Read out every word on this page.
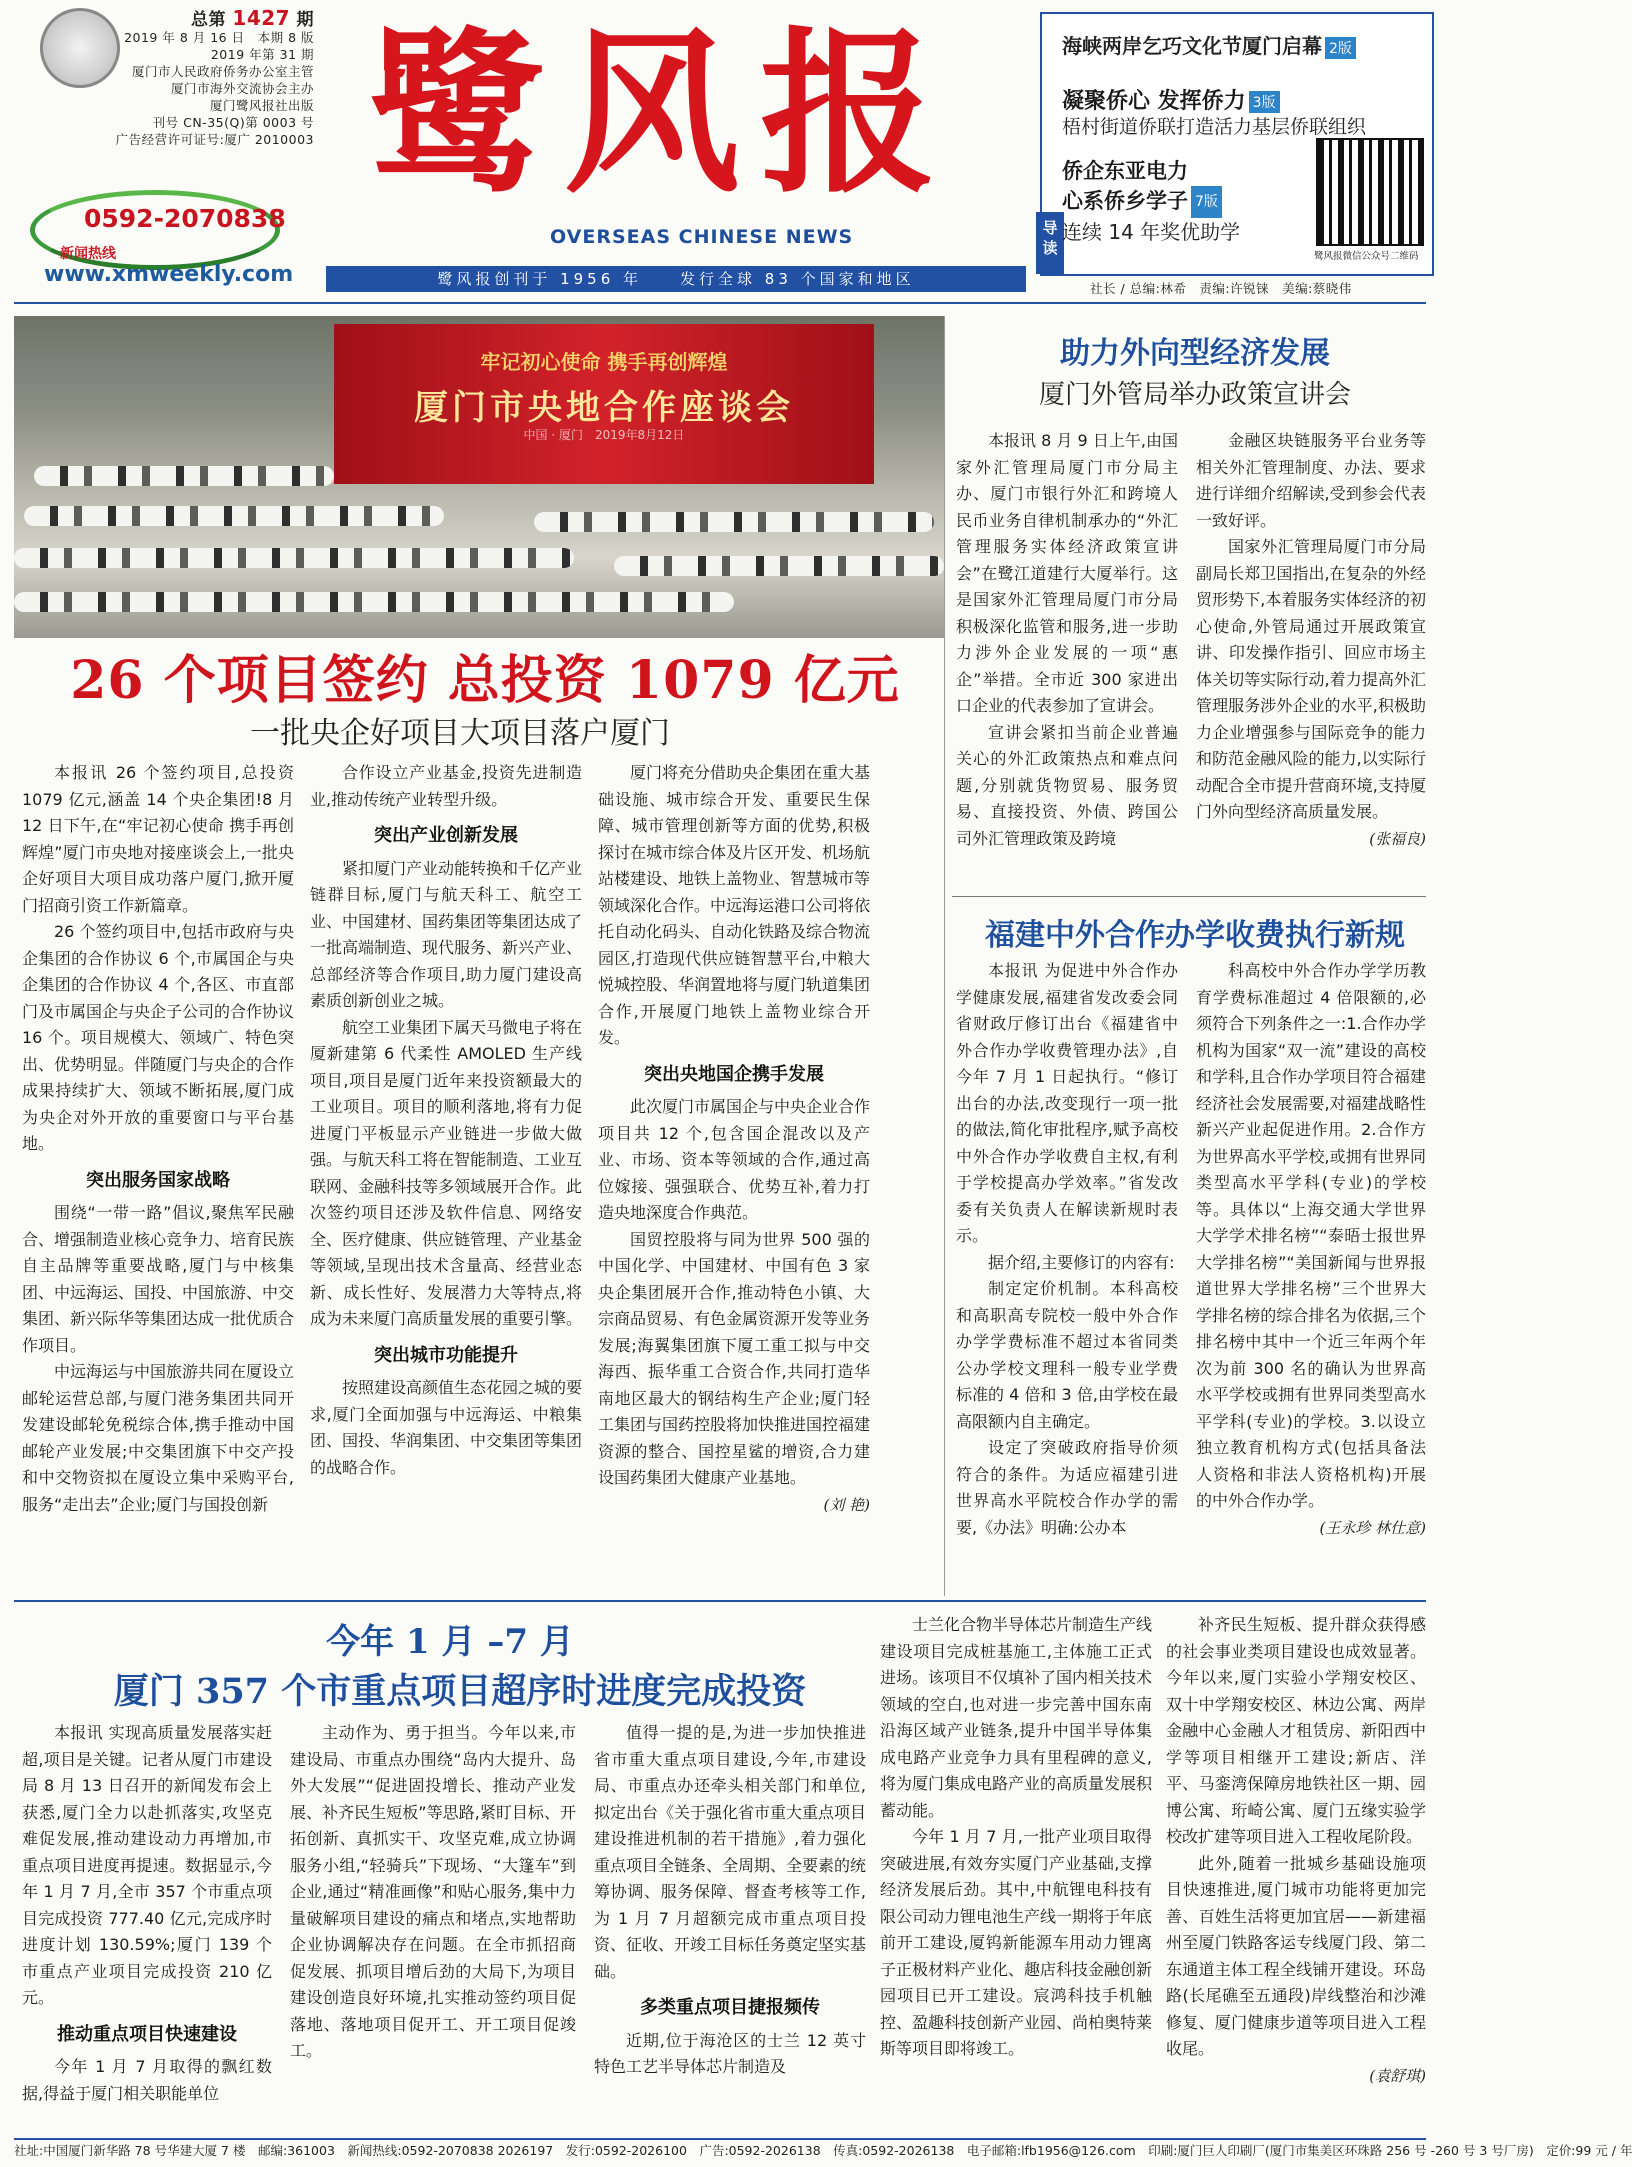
总第 1427 期
2019 年 8 月 16 日　本期 8 版
2019 年第 31 期
厦门市人民政府侨务办公室主管
厦门市海外交流协会主办
厦门鹭风报社出版
刊号 CN-35(Q)第 0003 号
广告经营许可证号:厦广 2010003
0592-2070838
新闻热线
www.xmweekly.com
鹭风报
OVERSEAS CHINESE NEWS
鹭风报创刊于 1956 年　　发行全球 83 个国家和地区
导读
海峡两岸乞巧文化节厦门启幕 2版
凝聚侨心 发挥侨力 3版
梧村街道侨联打造活力基层侨联组织
侨企东亚电力
心系侨乡学子 7版
连续 14 年奖优助学
鹭风报微信公众号二维码
社长 / 总编:林希　责编:许锐铼　美编:蔡晓伟
牢记初心使命 携手再创辉煌
厦门市央地合作座谈会
中国 · 厦门　2019年8月12日
26 个项目签约 总投资 1079 亿元
一批央企好项目大项目落户厦门

本报讯 26 个签约项目,总投资 1079 亿元,涵盖 14 个央企集团!8 月 12 日下午,在“牢记初心使命 携手再创辉煌”厦门市央地对接座谈会上,一批央企好项目大项目成功落户厦门,掀开厦门招商引资工作新篇章。

26 个签约项目中,包括市政府与央企集团的合作协议 6 个,市属国企与央企集团的合作协议 4 个,各区、市直部门及市属国企与央企子公司的合作协议 16 个。项目规模大、领域广、特色突出、优势明显。伴随厦门与央企的合作成果持续扩大、领域不断拓展,厦门成为央企对外开放的重要窗口与平台基地。

突出服务国家战略

围绕“一带一路”倡议,聚焦军民融合、增强制造业核心竞争力、培育民族自主品牌等重要战略,厦门与中核集团、中远海运、国投、中国旅游、中交集团、新兴际华等集团达成一批优质合作项目。

中远海运与中国旅游共同在厦设立邮轮运营总部,与厦门港务集团共同开发建设邮轮免税综合体,携手推动中国邮轮产业发展;中交集团旗下中交产投和中交物资拟在厦设立集中采购平台,服务“走出去”企业;厦门与国投创新

合作设立产业基金,投资先进制造业,推动传统产业转型升级。

突出产业创新发展

紧扣厦门产业动能转换和千亿产业链群目标,厦门与航天科工、航空工业、中国建材、国药集团等集团达成了一批高端制造、现代服务、新兴产业、总部经济等合作项目,助力厦门建设高素质创新创业之城。

航空工业集团下属天马微电子将在厦新建第 6 代柔性 AMOLED 生产线项目,项目是厦门近年来投资额最大的工业项目。项目的顺利落地,将有力促进厦门平板显示产业链进一步做大做强。与航天科工将在智能制造、工业互联网、金融科技等多领域展开合作。此次签约项目还涉及软件信息、网络安全、医疗健康、供应链管理、产业基金等领域,呈现出技术含量高、经营业态新、成长性好、发展潜力大等特点,将成为未来厦门高质量发展的重要引擎。

突出城市功能提升

按照建设高颜值生态花园之城的要求,厦门全面加强与中远海运、中粮集团、国投、华润集团、中交集团等集团的战略合作。

厦门将充分借助央企集团在重大基础设施、城市综合开发、重要民生保障、城市管理创新等方面的优势,积极探讨在城市综合体及片区开发、机场航站楼建设、地铁上盖物业、智慧城市等领域深化合作。中远海运港口公司将依托自动化码头、自动化铁路及综合物流园区,打造现代供应链智慧平台,中粮大悦城控股、华润置地将与厦门轨道集团合作,开展厦门地铁上盖物业综合开发。

突出央地国企携手发展

此次厦门市属国企与中央企业合作项目共 12 个,包含国企混改以及产业、市场、资本等领域的合作,通过高位嫁接、强强联合、优势互补,着力打造央地深度合作典范。

国贸控股将与同为世界 500 强的中国化学、中国建材、中国有色 3 家央企集团展开合作,推动特色小镇、大宗商品贸易、有色金属资源开发等业务发展;海翼集团旗下厦工重工拟与中交海西、振华重工合资合作,共同打造华南地区最大的钢结构生产企业;厦门轻工集团与国药控股将加快推进国控福建资源的整合、国控星鲨的增资,合力建设国药集团大健康产业基地。

(刘 艳)
助力外向型经济发展
厦门外管局举办政策宣讲会

本报讯 8 月 9 日上午,由国家外汇管理局厦门市分局主办、厦门市银行外汇和跨境人民币业务自律机制承办的“外汇管理服务实体经济政策宣讲会”在鹭江道建行大厦举行。这是国家外汇管理局厦门市分局积极深化监管和服务,进一步助力涉外企业发展的一项“惠企”举措。全市近 300 家进出口企业的代表参加了宣讲会。

宣讲会紧扣当前企业普遍关心的外汇政策热点和难点问题,分别就货物贸易、服务贸易、直接投资、外债、跨国公司外汇管理政策及跨境

金融区块链服务平台业务等相关外汇管理制度、办法、要求进行详细介绍解读,受到参会代表一致好评。

国家外汇管理局厦门市分局副局长郑卫国指出,在复杂的外经贸形势下,本着服务实体经济的初心使命,外管局通过开展政策宣讲、印发操作指引、回应市场主体关切等实际行动,着力提高外汇管理服务涉外企业的水平,积极助力企业增强参与国际竞争的能力和防范金融风险的能力,以实际行动配合全市提升营商环境,支持厦门外向型经济高质量发展。

(张福良)
福建中外合作办学收费执行新规

本报讯 为促进中外合作办学健康发展,福建省发改委会同省财政厅修订出台《福建省中外合作办学收费管理办法》,自今年 7 月 1 日起执行。“修订出台的办法,改变现行一项一批的做法,简化审批程序,赋予高校中外合作办学收费自主权,有利于学校提高办学效率。”省发改委有关负责人在解读新规时表示。

据介绍,主要修订的内容有:

制定定价机制。本科高校和高职高专院校一般中外合作办学学费标准不超过本省同类公办学校文理科一般专业学费标准的 4 倍和 3 倍,由学校在最高限额内自主确定。

设定了突破政府指导价须符合的条件。为适应福建引进世界高水平院校合作办学的需要,《办法》明确:公办本

科高校中外合作办学学历教育学费标准超过 4 倍限额的,必须符合下列条件之一:1.合作办学机构为国家“双一流”建设的高校和学科,且合作办学项目符合福建经济社会发展需要,对福建战略性新兴产业起促进作用。2.合作方为世界高水平学校,或拥有世界同类型高水平学科(专业)的学校等。具体以“上海交通大学世界大学学术排名榜”“泰晤士报世界大学排名榜”“美国新闻与世界报道世界大学排名榜”三个世界大学排名榜的综合排名为依据,三个排名榜中其中一个近三年两个年次为前 300 名的确认为世界高水平学校或拥有世界同类型高水平学科(专业)的学校。3.以设立独立教育机构方式(包括具备法人资格和非法人资格机构)开展的中外合作办学。

(王永珍 林仕意)
今年 1 月 –7 月
厦门 357 个市重点项目超序时进度完成投资

本报讯 实现高质量发展落实赶超,项目是关键。记者从厦门市建设局 8 月 13 日召开的新闻发布会上获悉,厦门全力以赴抓落实,攻坚克难促发展,推动建设动力再增加,市重点项目进度再提速。数据显示,今年 1 月 7 月,全市 357 个市重点项目完成投资 777.40 亿元,完成序时进度计划 130.59%;厦门 139 个市重点产业项目完成投资 210 亿元。

推动重点项目快速建设

今年 1 月 7 月取得的飘红数据,得益于厦门相关职能单位

主动作为、勇于担当。今年以来,市建设局、市重点办围绕“岛内大提升、岛外大发展”“促进固投增长、推动产业发展、补齐民生短板”等思路,紧盯目标、开拓创新、真抓实干、攻坚克难,成立协调服务小组,“轻骑兵”下现场、“大篷车”到企业,通过“精准画像”和贴心服务,集中力量破解项目建设的痛点和堵点,实地帮助企业协调解决存在问题。在全市抓招商促发展、抓项目增后劲的大局下,为项目建设创造良好环境,扎实推动签约项目促落地、落地项目促开工、开工项目促竣工。

值得一提的是,为进一步加快推进省市重大重点项目建设,今年,市建设局、市重点办还牵头相关部门和单位,拟定出台《关于强化省市重大重点项目建设推进机制的若干措施》,着力强化重点项目全链条、全周期、全要素的统筹协调、服务保障、督查考核等工作,为 1 月 7 月超额完成市重点项目投资、征收、开竣工目标任务奠定坚实基础。

多类重点项目捷报频传

近期,位于海沧区的士兰 12 英寸特色工艺半导体芯片制造及

士兰化合物半导体芯片制造生产线建设项目完成桩基施工,主体施工正式进场。该项目不仅填补了国内相关技术领域的空白,也对进一步完善中国东南沿海区域产业链条,提升中国半导体集成电路产业竞争力具有里程碑的意义,将为厦门集成电路产业的高质量发展积蓄动能。

今年 1 月 7 月,一批产业项目取得突破进展,有效夯实厦门产业基础,支撑经济发展后劲。其中,中航锂电科技有限公司动力锂电池生产线一期将于年底前开工建设,厦钨新能源车用动力锂离子正极材料产业化、趣店科技金融创新园项目已开工建设。宸鸿科技手机触控、盈趣科技创新产业园、尚柏奥特莱斯等项目即将竣工。

补齐民生短板、提升群众获得感的社会事业类项目建设也成效显著。今年以来,厦门实验小学翔安校区、双十中学翔安校区、林边公寓、两岸金融中心金融人才租赁房、新阳西中学等项目相继开工建设;新店、洋平、马銮湾保障房地铁社区一期、园博公寓、珩崎公寓、厦门五缘实验学校改扩建等项目进入工程收尾阶段。

此外,随着一批城乡基础设施项目快速推进,厦门城市功能将更加完善、百姓生活将更加宜居——新建福州至厦门铁路客运专线厦门段、第二东通道主体工程全线铺开建设。环岛路(长尾礁至五通段)岸线整治和沙滩修复、厦门健康步道等项目进入工程收尾。

(袁舒琪)
社址:中国厦门新华路 78 号华建大厦 7 楼　邮编:361003　新闻热线:0592-2070838 2026197　发行:0592-2026100　广告:0592-2026138　传真:0592-2026138　电子邮箱:lfb1956@126.com　印刷:厦门巨人印刷厂(厦门市集美区环珠路 256 号 -260 号 3 号厂房)　定价:99 元 / 年
